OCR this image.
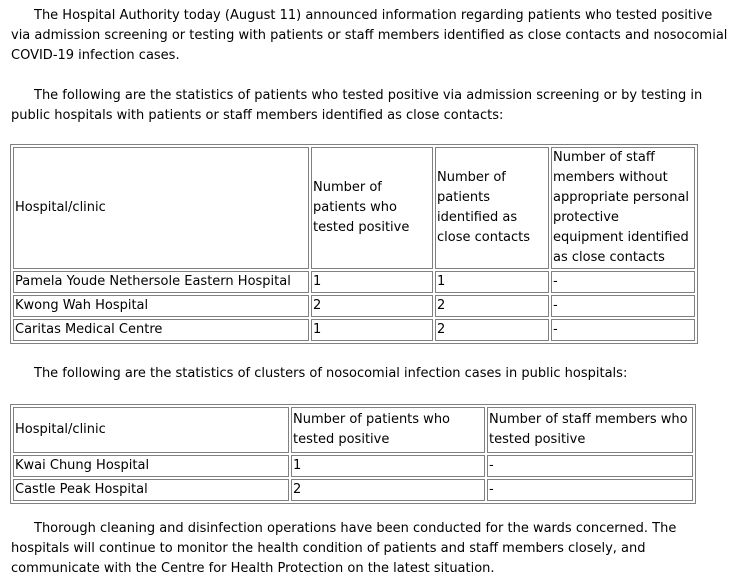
The Hospital Authority today (August 11) announced information regarding patients who tested positive via admission screening or testing with patients or staff members identified as close contacts and nosocomial COVID-19 infection cases.

The following are the statistics of patients who tested positive via admission screening or by testing in public hospitals with patients or staff members identified as close contacts:

Hospital/clinic	Number of patients who tested positive	Number of patients identified as close contacts	Number of staff members without appropriate personal protective equipment identified as close contacts
Pamela Youde Nethersole Eastern Hospital	1	1	-
Kwong Wah Hospital	2	2	-
Caritas Medical Centre	1	2	-

The following are the statistics of clusters of nosocomial infection cases in public hospitals:

Hospital/clinic	Number of patients who tested positive	Number of staff members who tested positive
Kwai Chung Hospital	1	-
Castle Peak Hospital	2	-

Thorough cleaning and disinfection operations have been conducted for the wards concerned. The hospitals will continue to monitor the health condition of patients and staff members closely, and communicate with the Centre for Health Protection on the latest situation.
